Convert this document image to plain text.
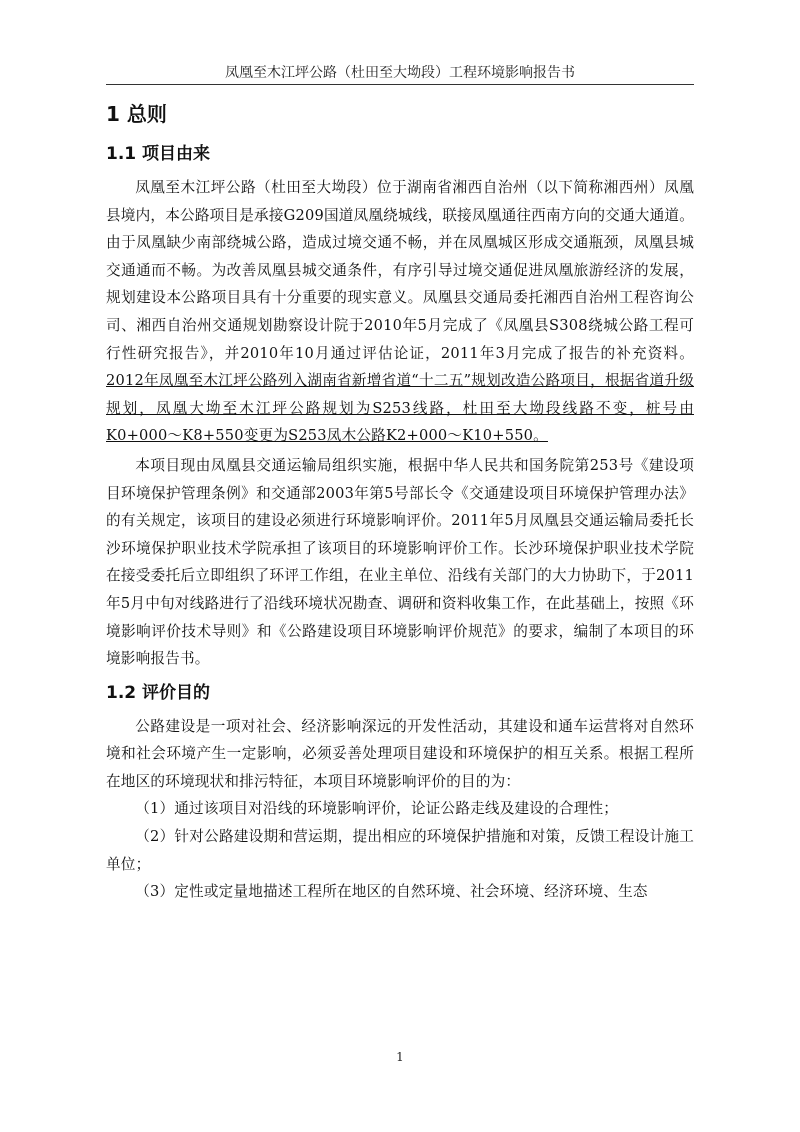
凤凰至木江坪公路（杜田至大坳段）工程环境影响报告书
1 总则
1.1 项目由来

凤凰至木江坪公路（杜田至大坳段）位于湖南省湘西自治州（以下简称湘西州）凤凰县境内，本公路项目是承接G209国道凤凰绕城线，联接凤凰通往西南方向的交通大通道。由于凤凰缺少南部绕城公路，造成过境交通不畅，并在凤凰城区形成交通瓶颈，凤凰县城交通通而不畅。为改善凤凰县城交通条件，有序引导过境交通促进凤凰旅游经济的发展，规划建设本公路项目具有十分重要的现实意义。凤凰县交通局委托湘西自治州工程咨询公司、湘西自治州交通规划勘察设计院于2010年5月完成了《凤凰县S308绕城公路工程可行性研究报告》，并2010年10月通过评估论证，2011年3月完成了报告的补充资料。2012年凤凰至木江坪公路列入湖南省新增省道“十二五”规划改造公路项目，根据省道升级规划，凤凰大坳至木江坪公路规划为S253线路，杜田至大坳段线路不变，桩号由K0+000～K8+550变更为S253凤木公路K2+000～K10+550。

本项目现由凤凰县交通运输局组织实施，根据中华人民共和国务院第253号《建设项目环境保护管理条例》和交通部2003年第5号部长令《交通建设项目环境保护管理办法》的有关规定，该项目的建设必须进行环境影响评价。2011年5月凤凰县交通运输局委托长沙环境保护职业技术学院承担了该项目的环境影响评价工作。长沙环境保护职业技术学院在接受委托后立即组织了环评工作组，在业主单位、沿线有关部门的大力协助下，于2011年5月中旬对线路进行了沿线环境状况勘查、调研和资料收集工作，在此基础上，按照《环境影响评价技术导则》和《公路建设项目环境影响评价规范》的要求，编制了本项目的环境影响报告书。

1.2 评价目的

公路建设是一项对社会、经济影响深远的开发性活动，其建设和通车运营将对自然环境和社会环境产生一定影响，必须妥善处理项目建设和环境保护的相互关系。根据工程所在地区的环境现状和排污特征，本项目环境影响评价的目的为：

（1）通过该项目对沿线的环境影响评价，论证公路走线及建设的合理性；

（2）针对公路建设期和营运期，提出相应的环境保护措施和对策，反馈工程设计施工单位；

（3）定性或定量地描述工程所在地区的自然环境、社会环境、经济环境、生态

1
